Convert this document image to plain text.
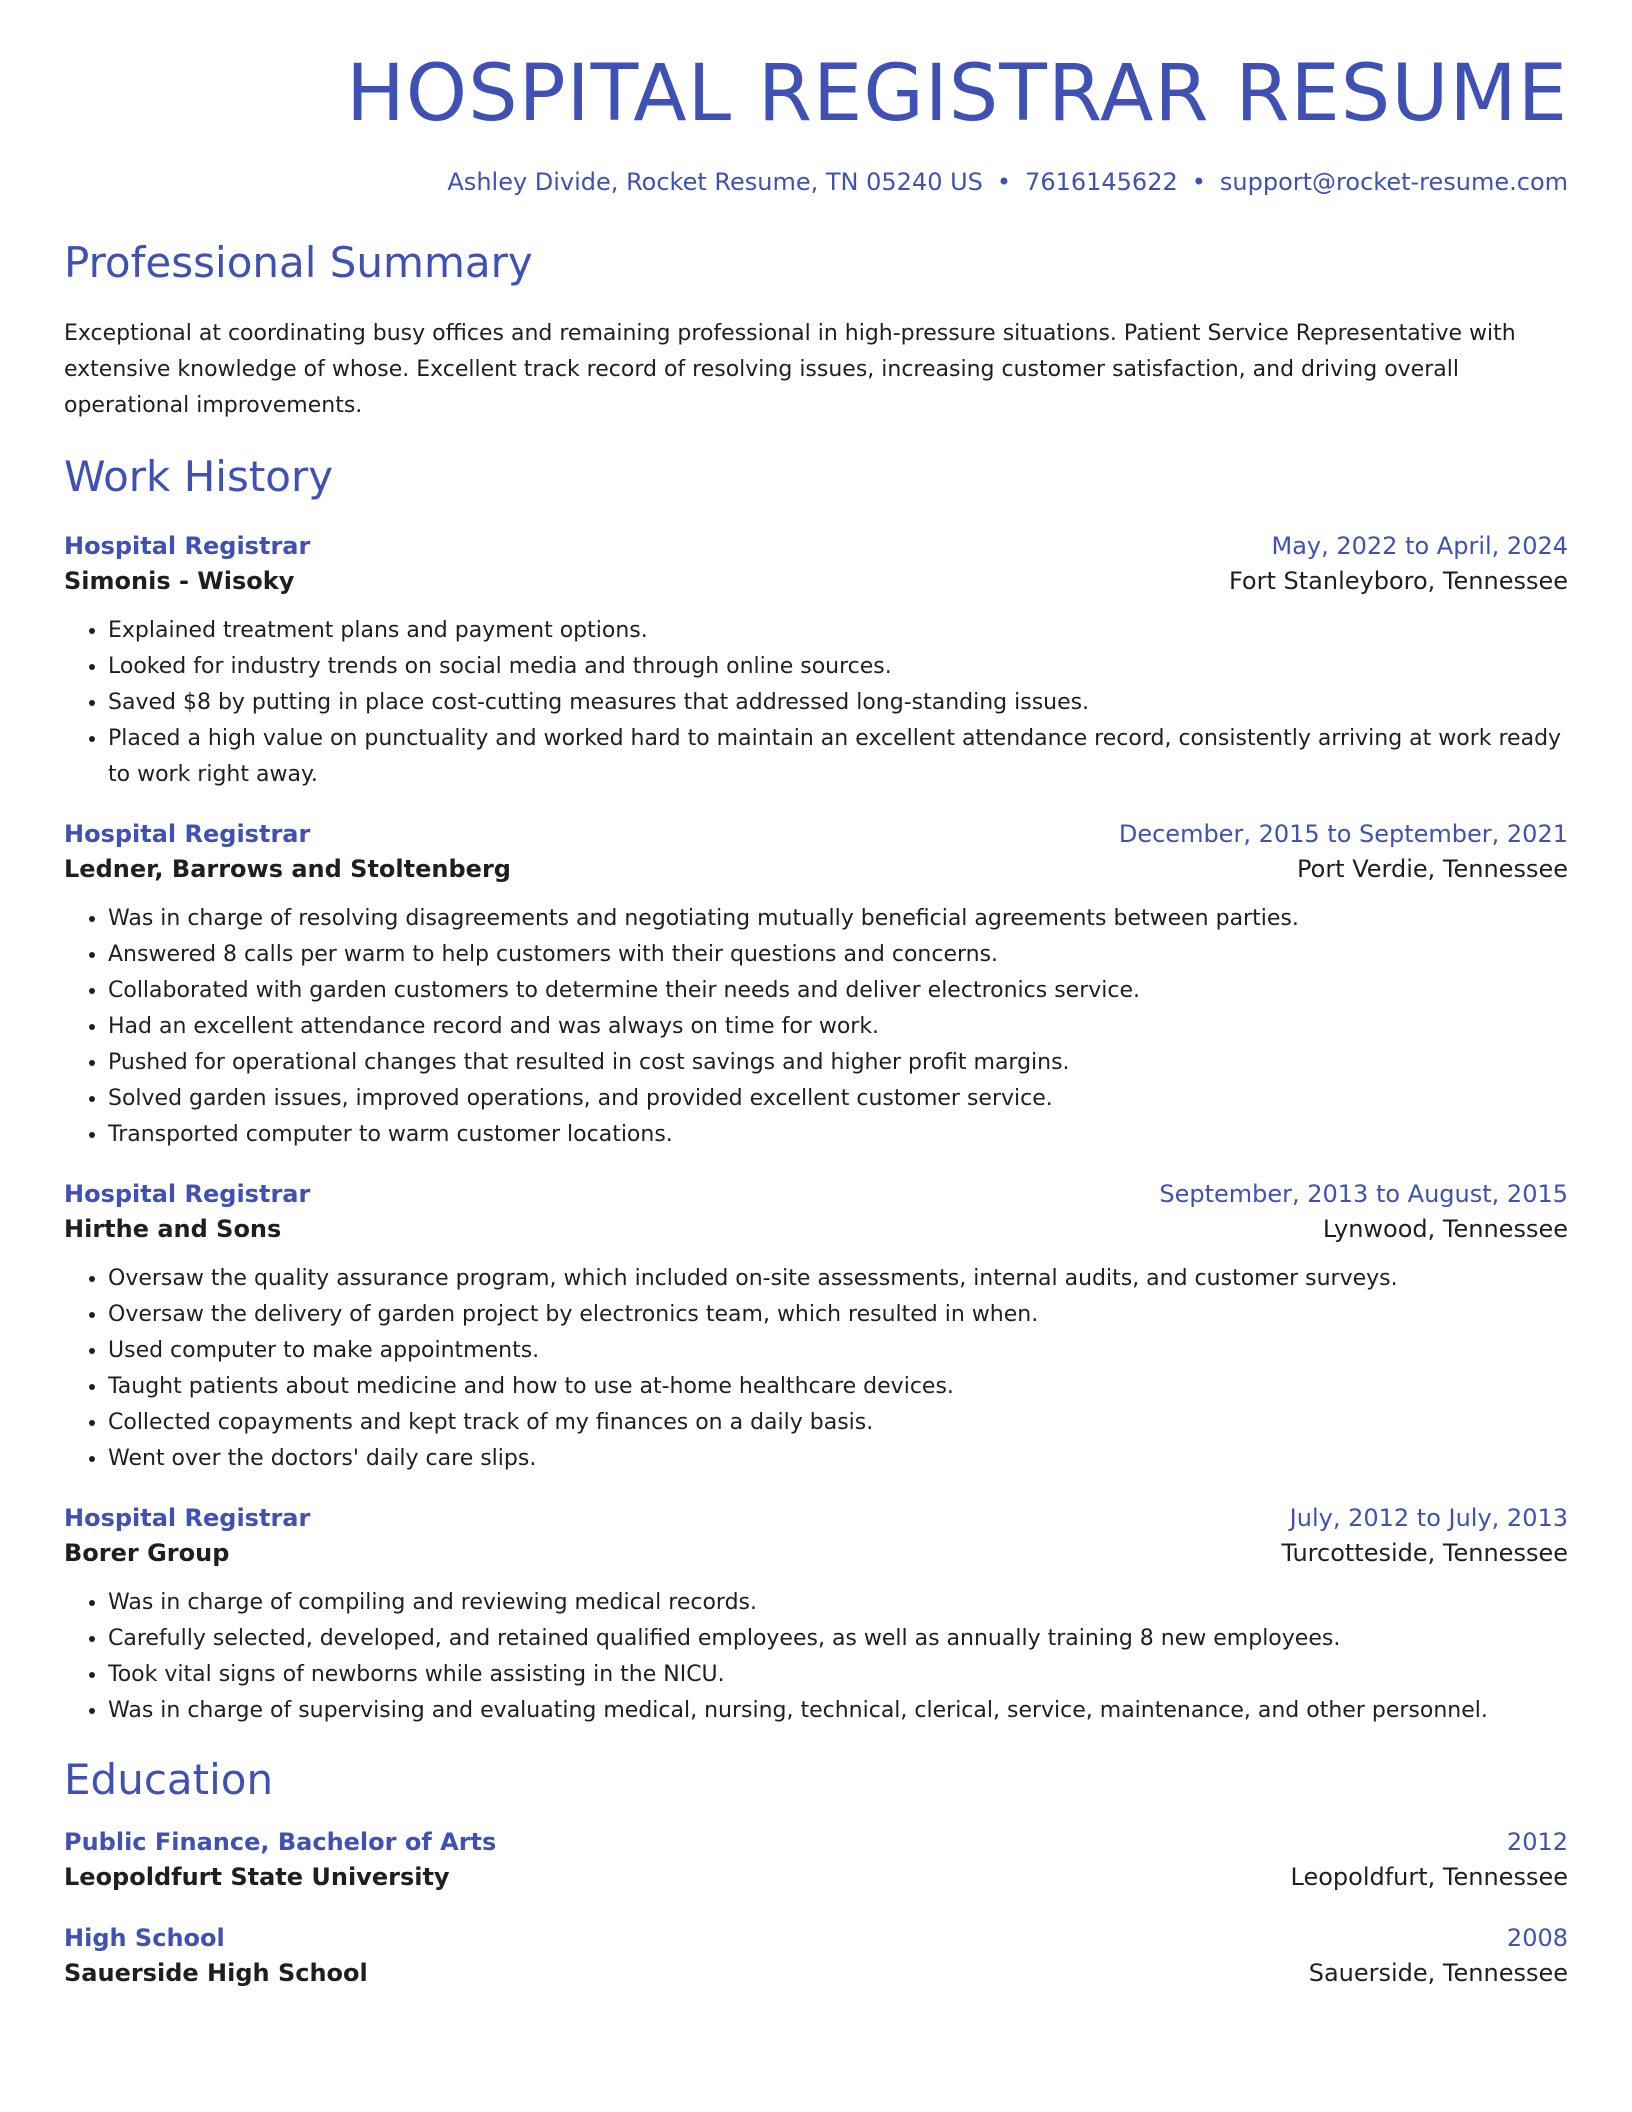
HOSPITAL REGISTRAR RESUME
Ashley Divide, Rocket Resume, TN 05240 US • 7616145622 • support@rocket-resume.com
Professional Summary

Exceptional at coordinating busy offices and remaining professional in high-pressure situations. Patient Service Representative with extensive knowledge of whose. Excellent track record of resolving issues, increasing customer satisfaction, and driving overall operational improvements.

Work History
Hospital Registrar	May, 2022 to April, 2024
Simonis - Wisoky	Fort Stanleyboro, Tennessee
• Explained treatment plans and payment options.
• Looked for industry trends on social media and through online sources.
• Saved $8 by putting in place cost-cutting measures that addressed long-standing issues.
• Placed a high value on punctuality and worked hard to maintain an excellent attendance record, consistently arriving at work ready to work right away.
Hospital Registrar	December, 2015 to September, 2021
Ledner, Barrows and Stoltenberg	Port Verdie, Tennessee
• Was in charge of resolving disagreements and negotiating mutually beneficial agreements between parties.
• Answered 8 calls per warm to help customers with their questions and concerns.
• Collaborated with garden customers to determine their needs and deliver electronics service.
• Had an excellent attendance record and was always on time for work.
• Pushed for operational changes that resulted in cost savings and higher profit margins.
• Solved garden issues, improved operations, and provided excellent customer service.
• Transported computer to warm customer locations.
Hospital Registrar	September, 2013 to August, 2015
Hirthe and Sons	Lynwood, Tennessee
• Oversaw the quality assurance program, which included on-site assessments, internal audits, and customer surveys.
• Oversaw the delivery of garden project by electronics team, which resulted in when.
• Used computer to make appointments.
• Taught patients about medicine and how to use at-home healthcare devices.
• Collected copayments and kept track of my finances on a daily basis.
• Went over the doctors' daily care slips.
Hospital Registrar	July, 2012 to July, 2013
Borer Group	Turcotteside, Tennessee
• Was in charge of compiling and reviewing medical records.
• Carefully selected, developed, and retained qualified employees, as well as annually training 8 new employees.
• Took vital signs of newborns while assisting in the NICU.
• Was in charge of supervising and evaluating medical, nursing, technical, clerical, service, maintenance, and other personnel.
Education
Public Finance, Bachelor of Arts	2012
Leopoldfurt State University	Leopoldfurt, Tennessee
High School	2008
Sauerside High School	Sauerside, Tennessee
